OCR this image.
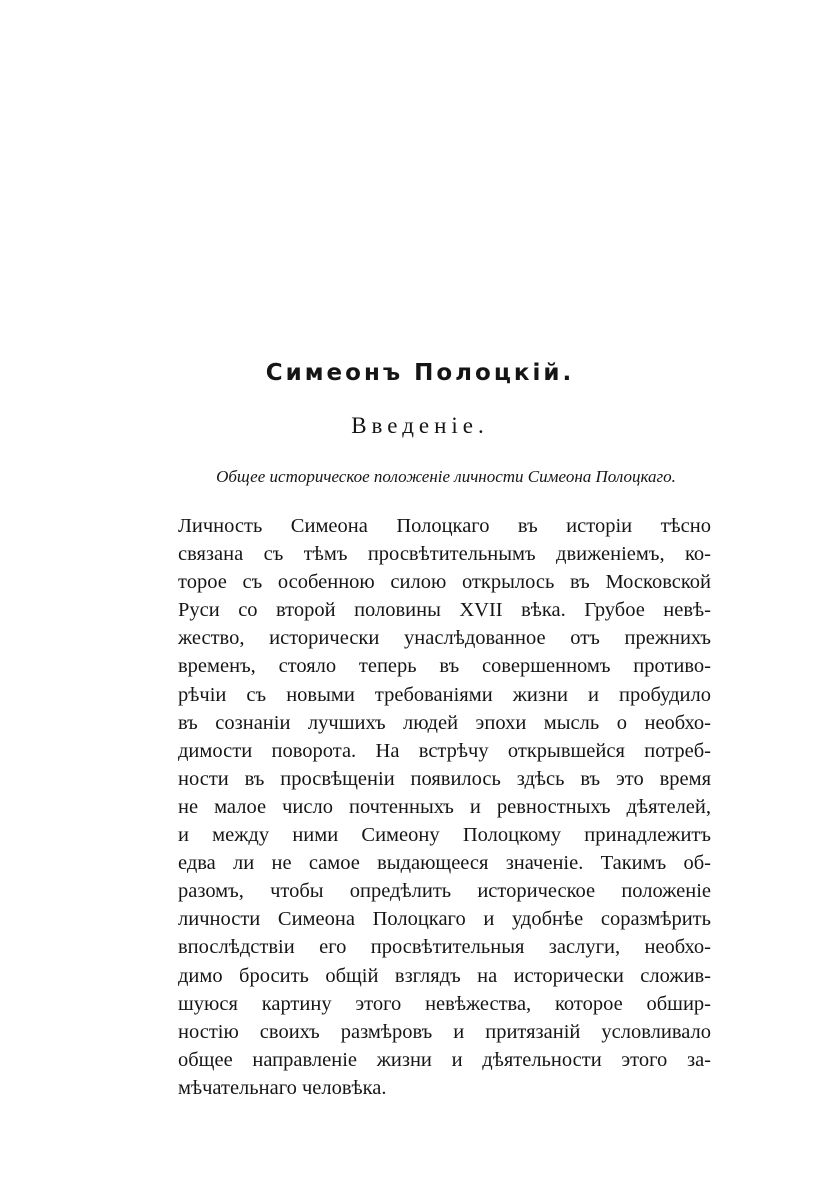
Симеонъ Полоцкій.
Введеніе.
Общее историческое положеніе личности Симеона Полоцкаго.
Личность Симеона Полоцкаго въ исторіи тѣсно
связана съ тѣмъ просвѣтительнымъ движеніемъ, ко-
торое съ особенною силою открылось въ Московской
Руси со второй половины XVII вѣка. Грубое невѣ-
жество, исторически унаслѣдованное отъ прежнихъ
временъ, стояло теперь въ совершенномъ противо-
рѣчіи съ новыми требованіями жизни и пробудило
въ сознаніи лучшихъ людей эпохи мысль о необхо-
димости поворота. На встрѣчу открывшейся потреб-
ности въ просвѣщеніи появилось здѣсь въ это время
не малое число почтенныхъ и ревностныхъ дѣятелей,
и между ними Симеону Полоцкому принадлежитъ
едва ли не самое выдающееся значеніе. Такимъ об-
разомъ, чтобы опредѣлить историческое положеніе
личности Симеона Полоцкаго и удобнѣе соразмѣрить
впослѣдствіи его просвѣтительныя заслуги, необхо-
димо бросить общій взглядъ на исторически сложив-
шуюся картину этого невѣжества, которое обшир-
ностію своихъ размѣровъ и притязаній условливало
общее направленіе жизни и дѣятельности этого за-
мѣчательнаго человѣка.
